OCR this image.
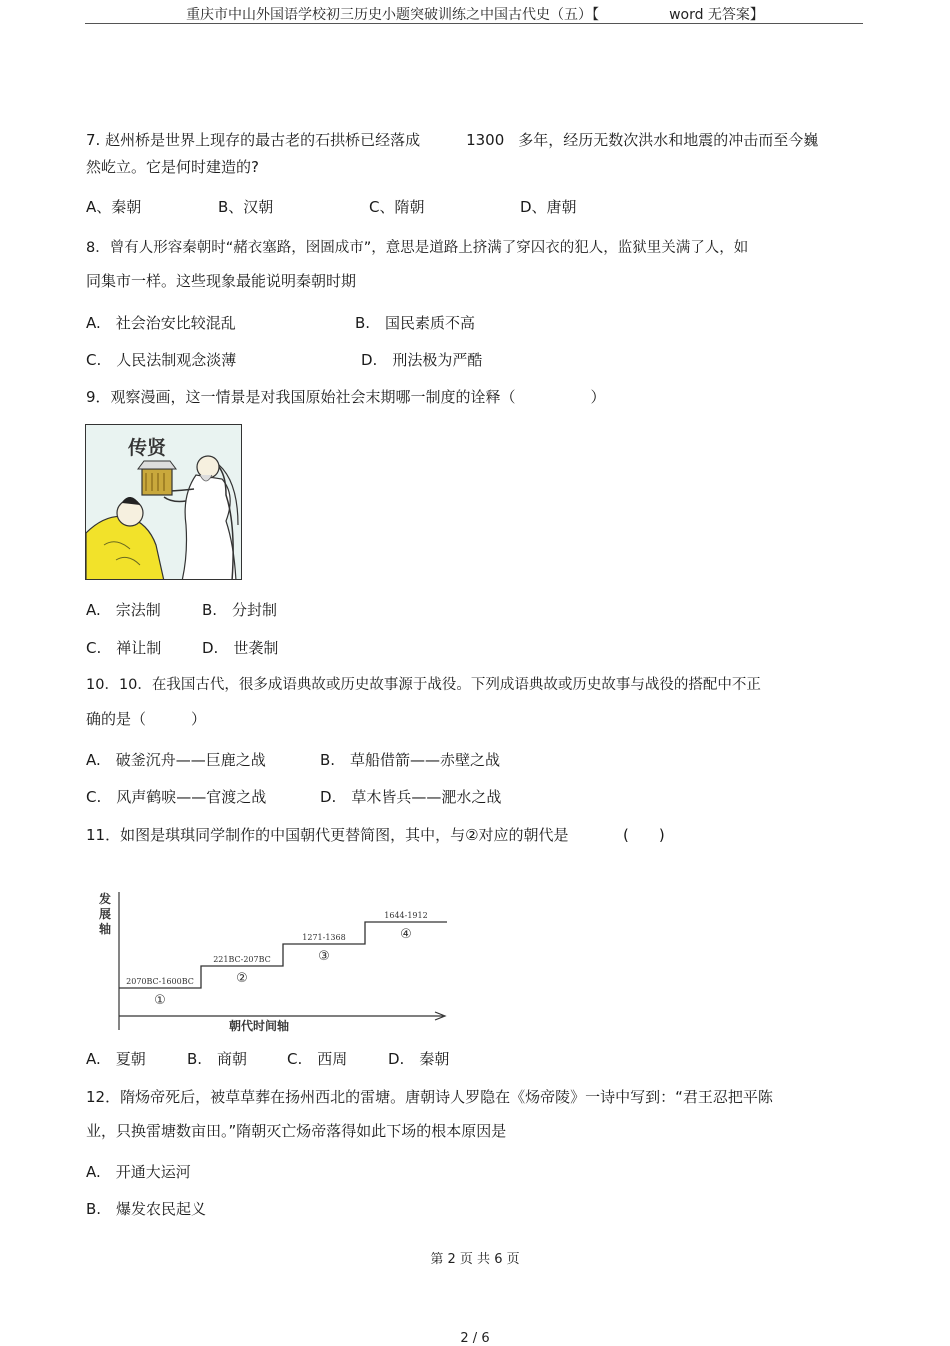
重庆市中山外国语学校初三历史小题突破训练之中国古代史（五）【	word 无答案】
7. 赵州桥是世界上现存的最古老的石拱桥已经落成	1300 多年，经历无数次洪水和地震的冲击而至今巍
然屹立。它是何时建造的?
A、秦朝	B、汉朝	C、隋朝	D、唐朝
8．曾有人形容秦朝时“赭衣塞路，囹圄成市”，意思是道路上挤满了穿囚衣的犯人，监狱里关满了人，如
同集市一样。这些现象最能说明秦朝时期
A.　社会治安比较混乱	B.　国民素质不高
C.　人民法制观念淡薄	D.　刑法极为严酷
9．观察漫画，这一情景是对我国原始社会末期哪一制度的诠释（　　　　　）
传贤
A.　宗法制	B.　分封制
C.　禅让制	D.　世袭制
10．10．在我国古代，很多成语典故或历史故事源于战役。下列成语典故或历史故事与战役的搭配中不正
确的是（　　　）
A.　破釜沉舟——巨鹿之战	B.　草船借箭——赤壁之战
C.　风声鹤唳——官渡之战	D.　草木皆兵——淝水之战
11．如图是琪琪同学制作的中国朝代更替简图，其中，与②对应的朝代是	(　　)
2070BC-1600BC
①
221BC-207BC
②
1271-1368
③
1644-1912
④
发展轴
朝代时间轴
A.　夏朝	B.　商朝	C.　西周	D.　秦朝
12．隋炀帝死后，被草草葬在扬州西北的雷塘。唐朝诗人罗隐在《炀帝陵》一诗中写到：“君王忍把平陈
业，只换雷塘数亩田。”隋朝灭亡炀帝落得如此下场的根本原因是
A.　开通大运河
B.　爆发农民起义
第 2 页 共 6 页
2 / 6
